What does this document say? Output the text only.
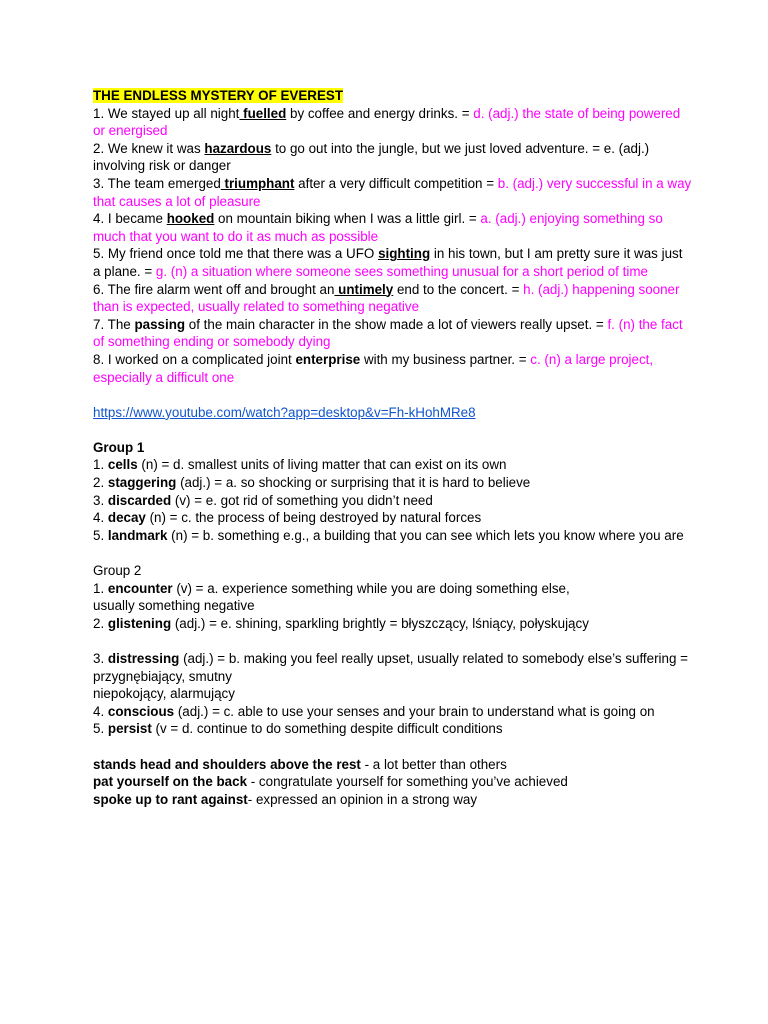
THE ENDLESS MYSTERY OF EVEREST

1. We stayed up all night fuelled by coffee and energy drinks. = d. (adj.) the state of being powered or energised

2. We knew it was hazardous to go out into the jungle, but we just loved adventure. = e. (adj.) involving risk or danger

3. The team emerged triumphant after a very difficult competition = b. (adj.) very successful in a way that causes a lot of pleasure

4. I became hooked on mountain biking when I was a little girl. = a. (adj.) enjoying something so much that you want to do it as much as possible

5. My friend once told me that there was a UFO sighting in his town, but I am pretty sure it was just a plane. = g. (n) a situation where someone sees something unusual for a short period of time

6. The fire alarm went off and brought an untimely end to the concert. = h. (adj.) happening sooner than is expected, usually related to something negative

7. The passing of the main character in the show made a lot of viewers really upset. = f. (n) the fact of something ending or somebody dying

8. I worked on a complicated joint enterprise with my business partner. = c. (n) a large project, especially a difficult one

https://www.youtube.com/watch?app=desktop&v=Fh-kHohMRe8

Group 1

1. cells (n) = d. smallest units of living matter that can exist on its own

2. staggering (adj.) = a. so shocking or surprising that it is hard to believe

3. discarded (v) = e. got rid of something you didn’t need

4. decay (n) = c. the process of being destroyed by natural forces

5. landmark (n) = b. something e.g., a building that you can see which lets you know where you are

Group 2

1. encounter (v) = a. experience something while you are doing something else,

usually something negative

2. glistening (adj.) = e. shining, sparkling brightly = błyszczący, lśniący, połyskujący

3. distressing (adj.) = b. making you feel really upset, usually related to somebody else’s suffering = przygnębiający, smutny

niepokojący, alarmujący

4. conscious (adj.) = c. able to use your senses and your brain to understand what is going on

5. persist (v = d. continue to do something despite difficult conditions

stands head and shoulders above the rest - a lot better than others

pat yourself on the back - congratulate yourself for something you’ve achieved

spoke up to rant against- expressed an opinion in a strong way
